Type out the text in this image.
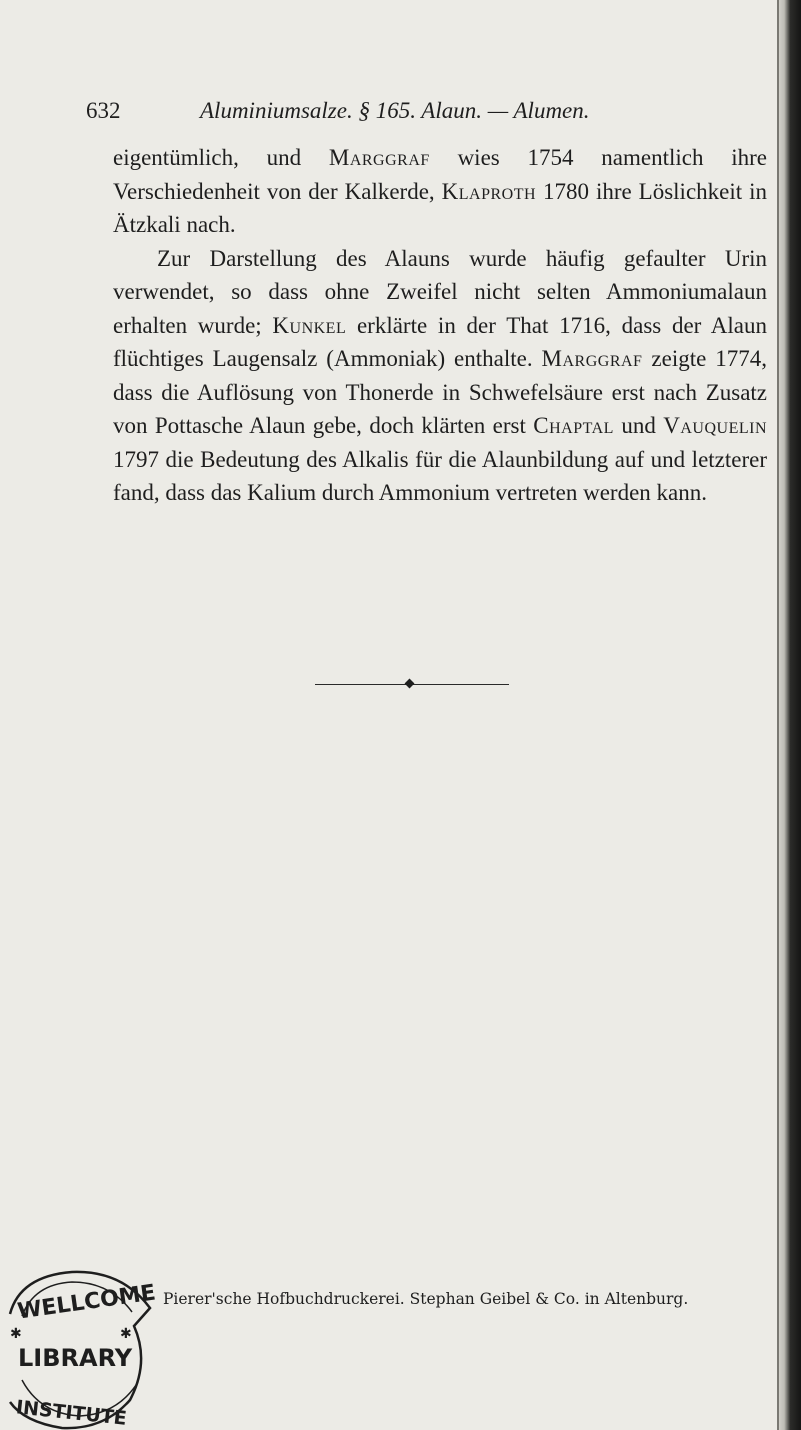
632	Aluminiumsalze. § 165. Alaun. — Alumen.

eigentümlich, und Marggraf wies 1754 namentlich ihre Verschiedenheit von der Kalkerde, Klaproth 1780 ihre Löslichkeit in Ätzkali nach.

Zur Darstellung des Alauns wurde häufig gefaulter Urin verwendet, so dass ohne Zweifel nicht selten Ammoniumalaun erhalten wurde; Kunkel erklärte in der That 1716, dass der Alaun flüchtiges Laugensalz (Ammoniak) enthalte. Marggraf zeigte 1774, dass die Auflösung von Thonerde in Schwefelsäure erst nach Zusatz von Pottasche Alaun gebe, doch klärten erst Chaptal und Vauquelin 1797 die Bedeutung des Alkalis für die Alaunbildung auf und letzterer fand, dass das Kalium durch Ammonium vertreten werden kann.

WELLCOME
✱	✱
LIBRARY
INSTITUTE
Pierer'sche Hofbuchdruckerei. Stephan Geibel & Co. in Altenburg.
